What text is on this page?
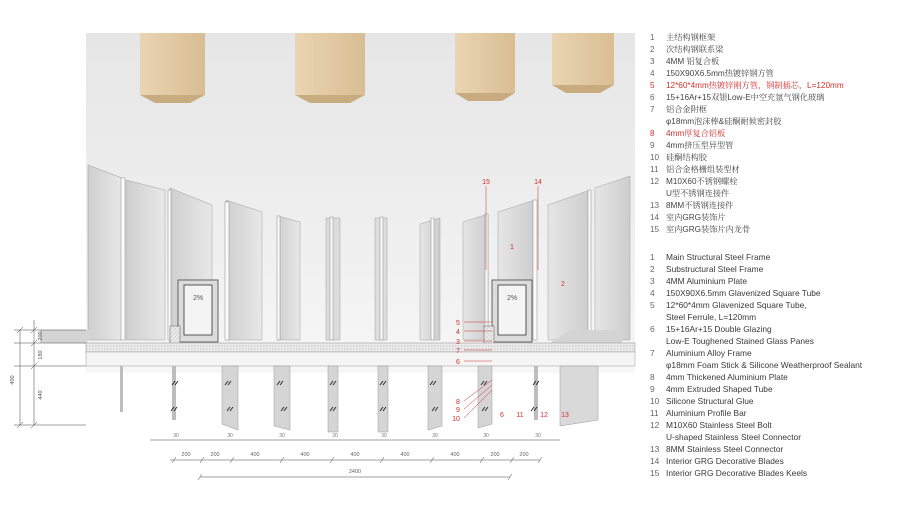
2%	2%
200
180
440
400
30	30	30	30	30	30	30	30
200	200	400	400	400	400	400	200	200
2400
15	14
1
2
5
4
3
7
6
8
9
10
6 11 12 13
1	主结构钢框架
2	次结构钢联系梁
3	4MM 铝复合板
4	150X90X6.5mm热镀锌钢方管
5	12*60*4mm热镀锌刚方管，钢制插芯，L=120mm
6	15+16Ar+15双银Low-E中空充氩气钢化玻璃
7	铝合金附框
φ18mm泡沫棒&硅酮耐候密封胶
8	4mm厚复合铝板
9	4mm挤压型异型管
10 硅酮结构胶
11 铝合金格栅组装型材
12 M10X60不锈钢螺栓
U型不锈钢连接件
13 8MM不锈钢连接件
14 室内GRG装饰片
15 室内GRG装饰片内龙骨
1	Main Structural Steel Frame
2	Substructural Steel Frame
3	4MM Aluminium Plate
4	150X90X6.5mm Glavenized Square Tube
5	12*60*4mm Glavenized Square Tube,
Steel Ferrule, L=120mm
6	15+16Ar+15 Double Glazing
Low-E Toughened Stained Glass Panes
7	Aluminium Alloy Frame
φ18mm Foam Stick & Silicone Weatherproof Sealant
8	4mm Thickened Aluminium Plate
9	4mm Extruded Shaped Tube
10 Silicone Structural Glue
11 Aluminium Profile Bar
12 M10X60 Stainless Steel Bolt
U-shaped Stainless Steel Connector
13 8MM Stainless Steel Connector
14 Interior GRG Decorative Blades
15 Interior GRG Decorative Blades Keels
